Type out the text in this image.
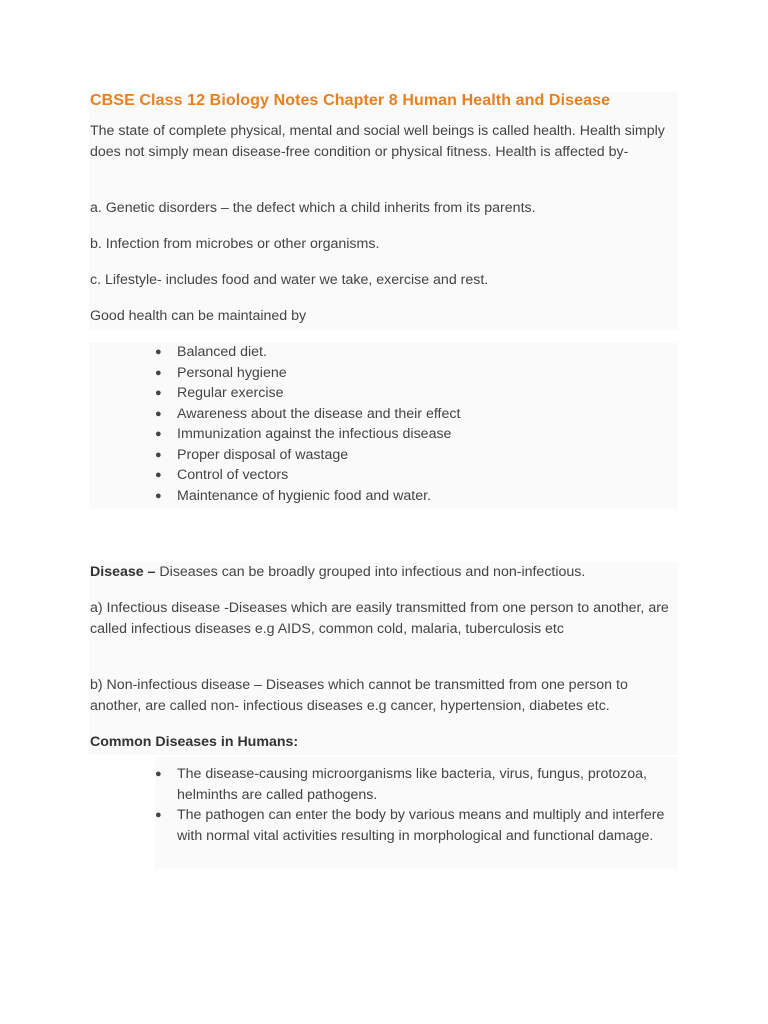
CBSE Class 12 Biology Notes Chapter 8 Human Health and Disease
The state of complete physical, mental and social well beings is called health. Health simply does not simply mean disease-free condition or physical fitness. Health is affected by-
a. Genetic disorders – the defect which a child inherits from its parents.
b. Infection from microbes or other organisms.
c. Lifestyle- includes food and water we take, exercise and rest.
Good health can be maintained by
● Balanced diet.
● Personal hygiene
● Regular exercise
● Awareness about the disease and their effect
● Immunization against the infectious disease
● Proper disposal of wastage
● Control of vectors
● Maintenance of hygienic food and water.
Disease – Diseases can be broadly grouped into infectious and non-infectious.
a) Infectious disease -Diseases which are easily transmitted from one person to another, are called infectious diseases e.g AIDS, common cold, malaria, tuberculosis etc
b) Non-infectious disease – Diseases which cannot be transmitted from one person to another, are called non- infectious diseases e.g cancer, hypertension, diabetes etc.
Common Diseases in Humans:
● The disease-causing microorganisms like bacteria, virus, fungus, protozoa, helminths are called pathogens.
● The pathogen can enter the body by various means and multiply and interfere with normal vital activities resulting in morphological and functional damage.
